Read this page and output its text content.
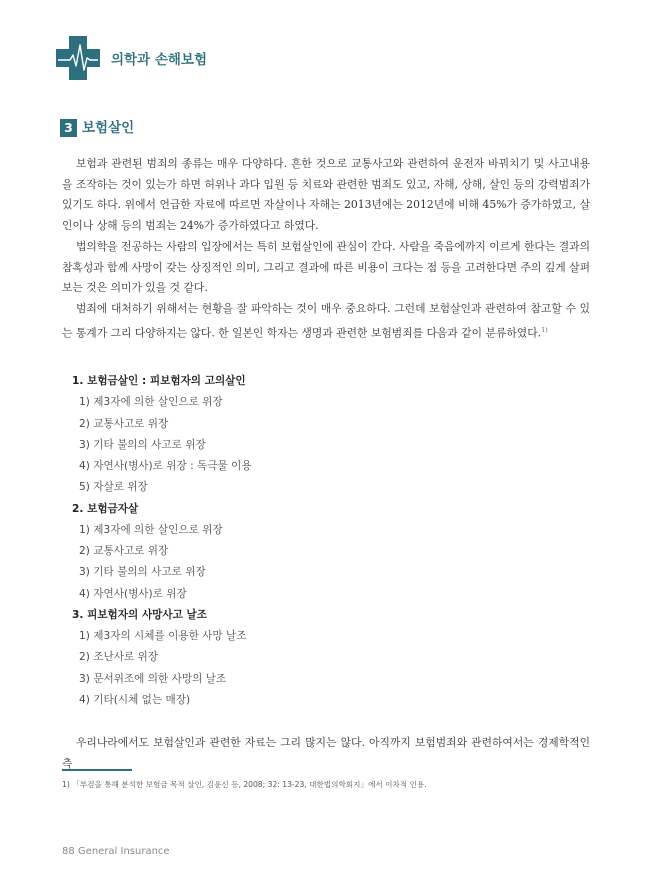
의학과 손해보험
3 보험살인

보험과 관련된 범죄의 종류는 매우 다양하다. 흔한 것으로 교통사고와 관련하여 운전자 바꿔치기 및 사고내용을 조작하는 것이 있는가 하면 허위나 과다 입원 등 치료와 관련한 범죄도 있고, 자해, 상해, 살인 등의 강력범죄가 있기도 하다. 위에서 언급한 자료에 따르면 자살이나 자해는 2013년에는 2012년에 비해 45%가 증가하였고, 살인이나 상해 등의 범죄는 24%가 증가하였다고 하였다.

법의학을 전공하는 사람의 입장에서는 특히 보험살인에 관심이 간다. 사람을 죽음에까지 이르게 한다는 결과의 참혹성과 함께 사망이 갖는 상징적인 의미, 그리고 결과에 따른 비용이 크다는 점 등을 고려한다면 주의 깊게 살펴보는 것은 의미가 있을 것 같다.

범죄에 대처하기 위해서는 현황을 잘 파악하는 것이 매우 중요하다. 그런데 보험살인과 관련하여 참고할 수 있는 통계가 그리 다양하지는 않다. 한 일본인 학자는 생명과 관련한 보험범죄를 다음과 같이 분류하였다.$^{1)}$

1. 보험금살인 : 피보험자의 고의살인
1) 제3자에 의한 살인으로 위장
2) 교통사고로 위장
3) 기타 불의의 사고로 위장
4) 자연사(병사)로 위장 : 독극물 이용
5) 자살로 위장
2. 보험금자살
1) 제3자에 의한 살인으로 위장
2) 교통사고로 위장
3) 기타 불의의 사고로 위장
4) 자연사(병사)로 위장
3. 피보험자의 사망사고 날조
1) 제3자의 시체를 이용한 사망 날조
2) 조난사로 위장
3) 문서위조에 의한 사망의 날조
4) 기타(시체 없는 매장)

우리나라에서도 보험살인과 관련한 자료는 그리 많지는 않다. 아직까지 보험범죄와 관련하여서는 경제학적인 측

1) 「부검을 통해 분석한 보험금 목적 살인, 김윤신 등, 2008; 32: 13-23, 대한법의학회지」에서 이차적 인용.
88 General Insurance
